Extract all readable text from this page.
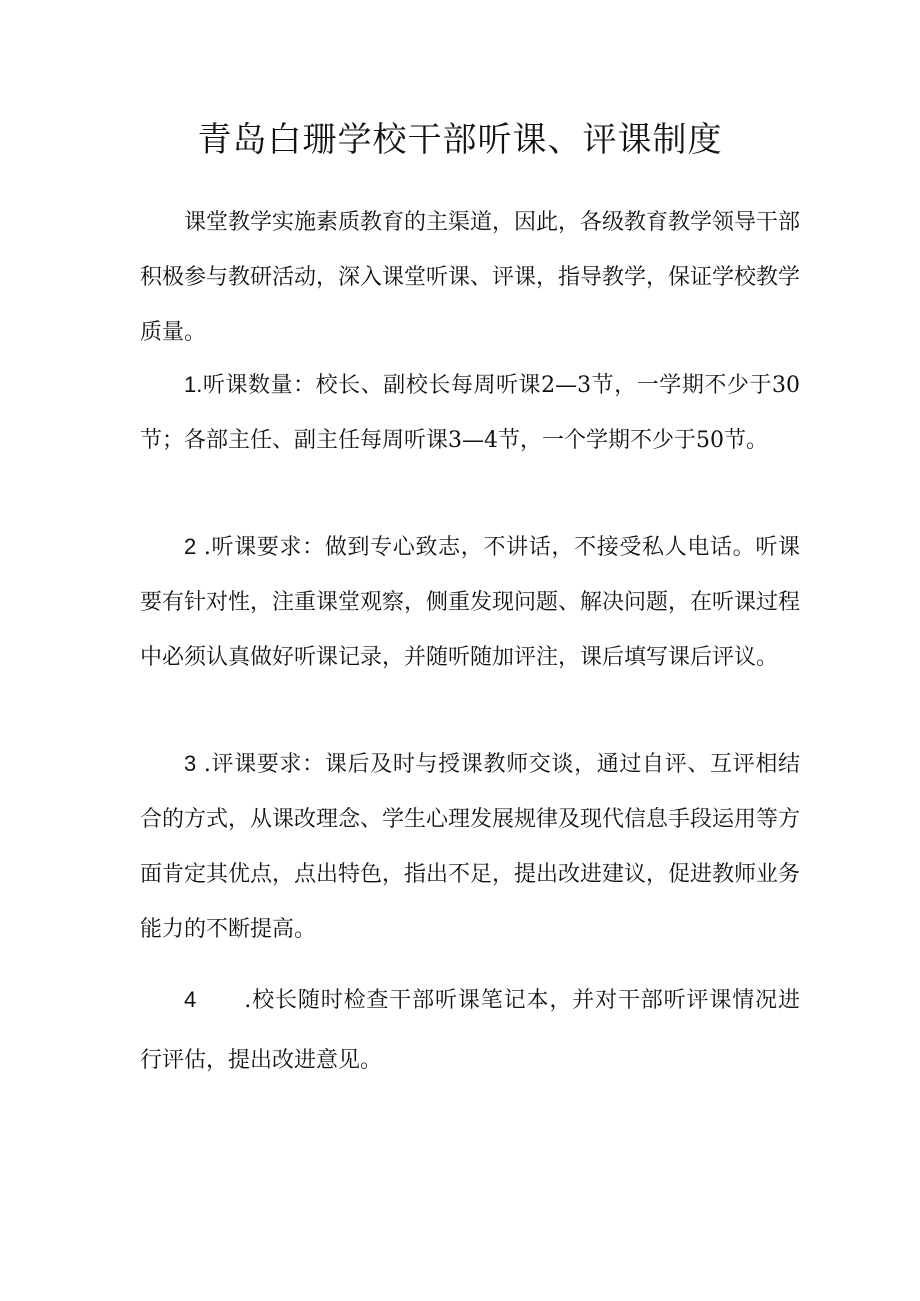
青岛白珊学校干部听课、评课制度

课堂教学实施素质教育的主渠道，因此，各级教育教学领导干部积极参与教研活动，深入课堂听课、评课，指导教学，保证学校教学质量。

1.听课数量：校长、副校长每周听课2—3节，一学期不少于30节；各部主任、副主任每周听课3—4节，一个学期不少于50节。

2 .听课要求：做到专心致志，不讲话，不接受私人电话。听课要有针对性，注重课堂观察，侧重发现问题、解决问题，在听课过程中必须认真做好听课记录，并随听随加评注，课后填写课后评议。

3 .评课要求：课后及时与授课教师交谈，通过自评、互评相结合的方式，从课改理念、学生心理发展规律及现代信息手段运用等方面肯定其优点，点出特色，指出不足，提出改进建议，促进教师业务能力的不断提高。

4 .校长随时检查干部听课笔记本，并对干部听评课情况进行评估，提出改进意见。
